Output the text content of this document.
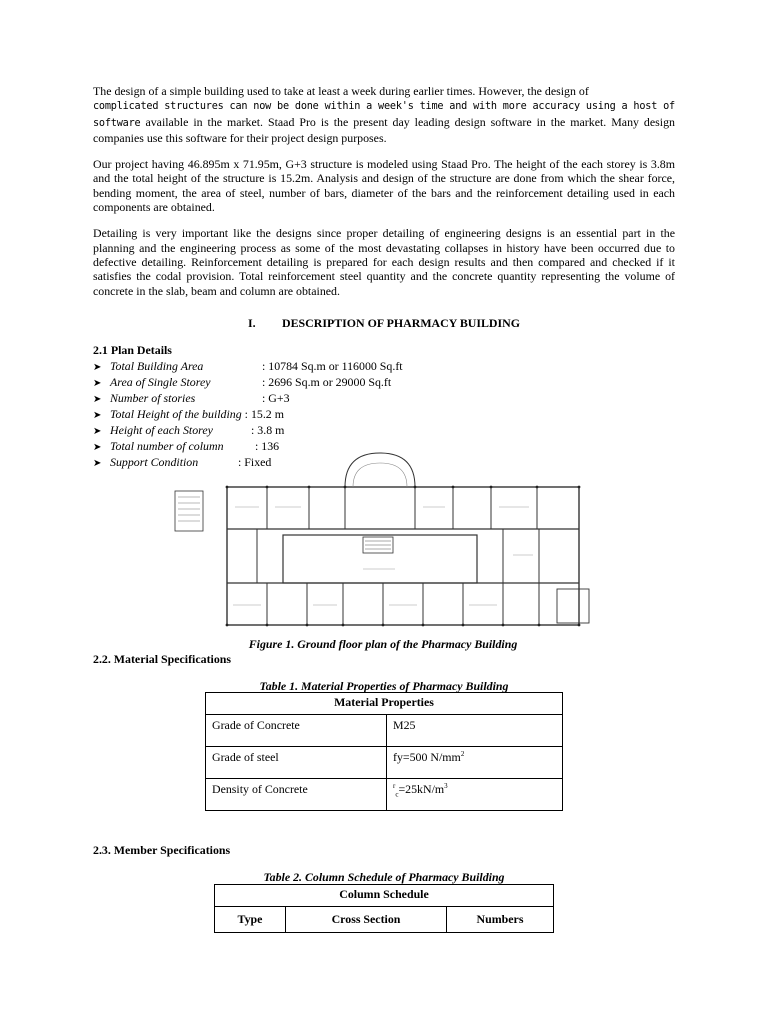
The design of a simple building used to take at least a week during earlier times. However, the design of
complicated structures can now be done within a week's time and with more accuracy using a host of software available in the market. Staad Pro is the present day leading design software in the market. Many design companies use this software for their project design purposes.

Our project having 46.895m x 71.95m, G+3 structure is modeled using Staad Pro. The height of the each storey is 3.8m and the total height of the structure is 15.2m. Analysis and design of the structure are done from which the shear force, bending moment, the area of steel, number of bars, diameter of the bars and the reinforcement detailing used in each components are obtained.

Detailing is very important like the designs since proper detailing of engineering designs is an essential part in the planning and the engineering process as some of the most devastating collapses in history have been occurred due to defective detailing. Reinforcement detailing is prepared for each design results and then compared and checked if it satisfies the codal provision. Total reinforcement steel quantity and the concrete quantity representing the volume of concrete in the slab, beam and column are obtained.

I. DESCRIPTION OF PHARMACY BUILDING
2.1 Plan Details
➤ Total Building Area	: 10784 Sq.m or 116000 Sq.ft
➤ Area of Single Storey	: 2696 Sq.m or 29000 Sq.ft
➤ Number of stories	: G+3
➤ Total Height of the building : 15.2 m
➤ Height of each Storey	: 3.8 m
➤ Total number of column	: 136
➤ Support Condition	: Fixed
Figure 1. Ground floor plan of the Pharmacy Building
2.2. Material Specifications
Table 1. Material Properties of Pharmacy Building
Material Properties	
Grade of Concrete	M25
Grade of steel	fy=500 $N/mm^2$
Density of Concrete	$^r_c=25kN/m^3$
2.3. Member Specifications
Table 2. Column Schedule of Pharmacy Building
Column Schedule
Type	Cross Section	Numbers
